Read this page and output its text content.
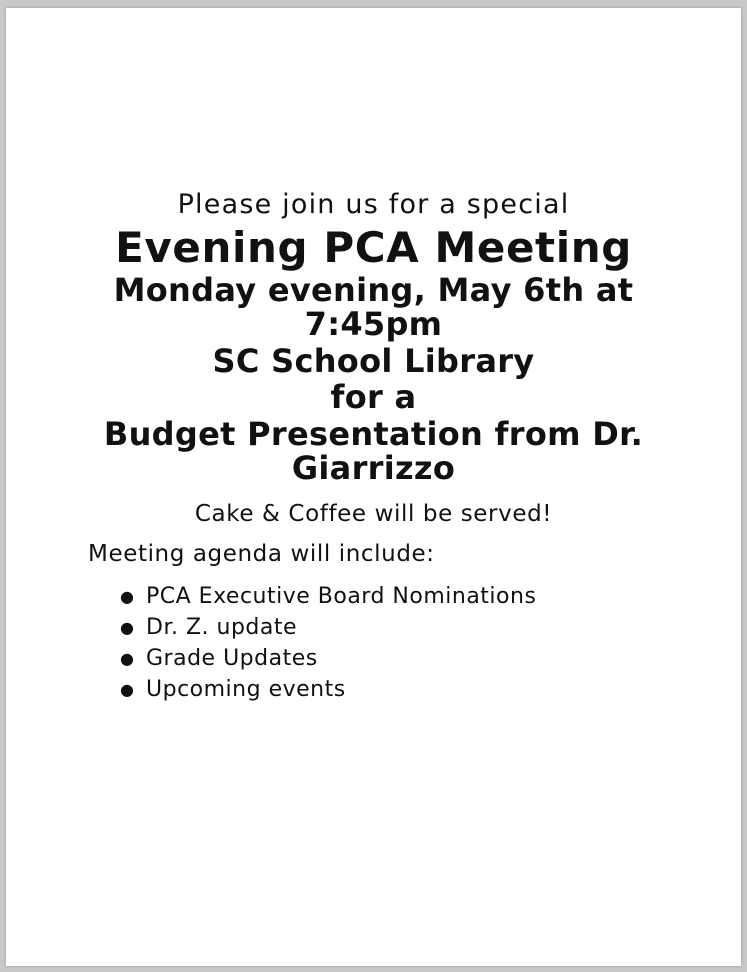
Please join us for a special
Evening PCA Meeting
Monday evening, May 6th at 7:45pm
SC School Library
for a
Budget Presentation from Dr. Giarrizzo
Cake & Coffee will be served!
Meeting agenda will include:
● PCA Executive Board Nominations
● Dr. Z. update
● Grade Updates
● Upcoming events
